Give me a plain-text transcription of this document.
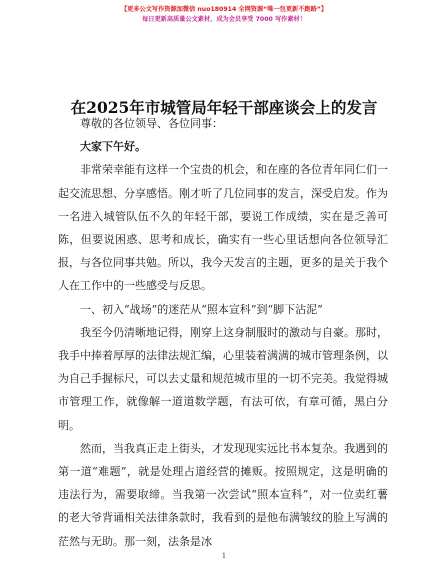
【更多公文写作资源加微信 nuo180914 全网资源“唯一包更新不跑路”】
每日更新高质量公文素材，成为会员享受 7000 写作素材！
在2025年市城管局年轻干部座谈会上的发言

尊敬的各位领导、各位同事：

大家下午好。

非常荣幸能有这样一个宝贵的机会，和在座的各位青年同仁们一起交流思想、分享感悟。刚才听了几位同事的发言，深受启发。作为一名进入城管队伍不久的年轻干部，要说工作成绩，实在是乏善可陈，但要说困惑、思考和成长，确实有一些心里话想向各位领导汇报，与各位同事共勉。所以，我今天发言的主题，更多的是关于我个人在工作中的一些感受与反思。

一、初入“战场”的迷茫从“照本宣科”到“脚下沾泥”

我至今仍清晰地记得，刚穿上这身制服时的激动与自豪。那时，我手中捧着厚厚的法律法规汇编，心里装着满满的城市管理条例，以为自己手握标尺，可以去丈量和规范城市里的一切不完美。我觉得城市管理工作，就像解一道道数学题，有法可依，有章可循，黑白分明。

然而，当我真正走上街头，才发现现实远比书本复杂。我遇到的第一道“难题”，就是处理占道经营的摊贩。按照规定，这是明确的违法行为，需要取缔。当我第一次尝试“照本宣科”，对一位卖红薯的老大爷背诵相关法律条款时，我看到的是他布满皱纹的脸上写满的茫然与无助。那一刻，法条是冰

1
